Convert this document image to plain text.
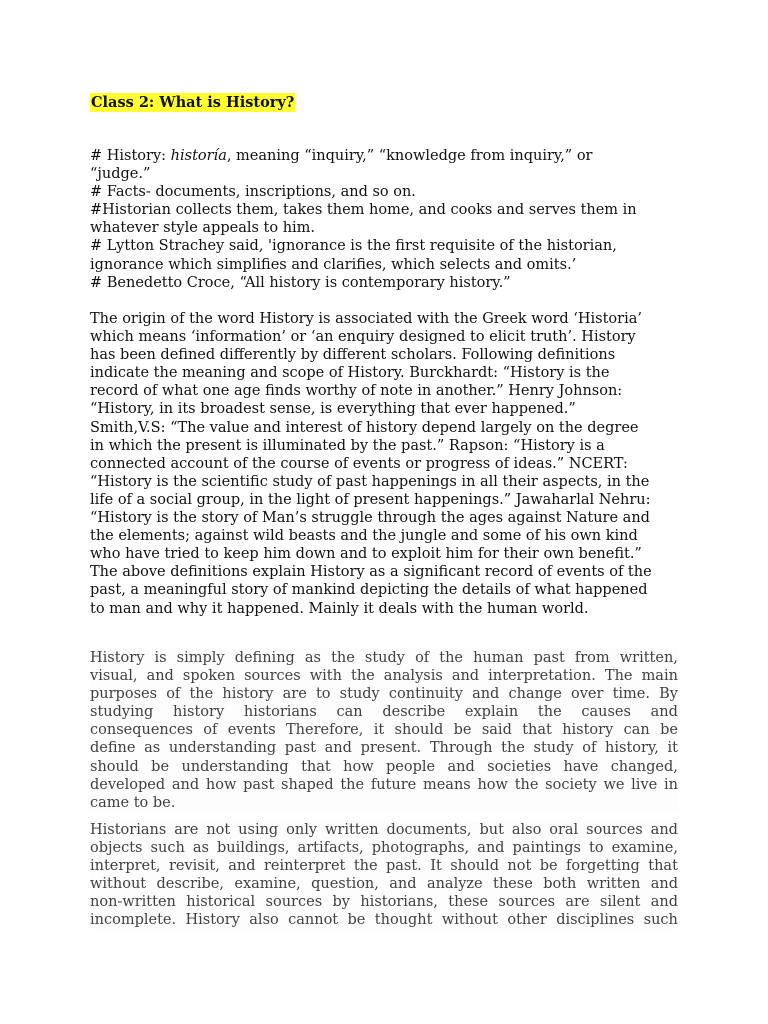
Class 2: What is History?
# History: historía, meaning “inquiry,” “knowledge from inquiry,” or
“judge.”
# Facts- documents, inscriptions, and so on.
#Historian collects them, takes them home, and cooks and serves them in
whatever style appeals to him.
# Lytton Strachey said, 'ignorance is the first requisite of the historian,
ignorance which simplifies and clarifies, which selects and omits.’
# Benedetto Croce, “All history is contemporary history.”
The origin of the word History is associated with the Greek word ‘Historia’
which means ‘information’ or ‘an enquiry designed to elicit truth’. History
has been defined differently by different scholars. Following definitions
indicate the meaning and scope of History. Burckhardt: “History is the
record of what one age finds worthy of note in another.” Henry Johnson:
“History, in its broadest sense, is everything that ever happened.”
Smith,V.S: “The value and interest of history depend largely on the degree
in which the present is illuminated by the past.” Rapson: “History is a
connected account of the course of events or progress of ideas.” NCERT:
“History is the scientific study of past happenings in all their aspects, in the
life of a social group, in the light of present happenings.” Jawaharlal Nehru:
“History is the story of Man’s struggle through the ages against Nature and
the elements; against wild beasts and the jungle and some of his own kind
who have tried to keep him down and to exploit him for their own benefit.”
The above definitions explain History as a significant record of events of the
past, a meaningful story of mankind depicting the details of what happened
to man and why it happened. Mainly it deals with the human world.
History is simply defining as the study of the human past from written,
visual, and spoken sources with the analysis and interpretation. The main
purposes of the history are to study continuity and change over time. By
studying history historians can describe explain the causes and
consequences of events Therefore, it should be said that history can be
define as understanding past and present. Through the study of history, it
should be understanding that how people and societies have changed,
developed and how past shaped the future means how the society we live in
came to be.
Historians are not using only written documents, but also oral sources and
objects such as buildings, artifacts, photographs, and paintings to examine,
interpret, revisit, and reinterpret the past. It should not be forgetting that
without describe, examine, question, and analyze these both written and
non-written historical sources by historians, these sources are silent and
incomplete. History also cannot be thought without other disciplines such
